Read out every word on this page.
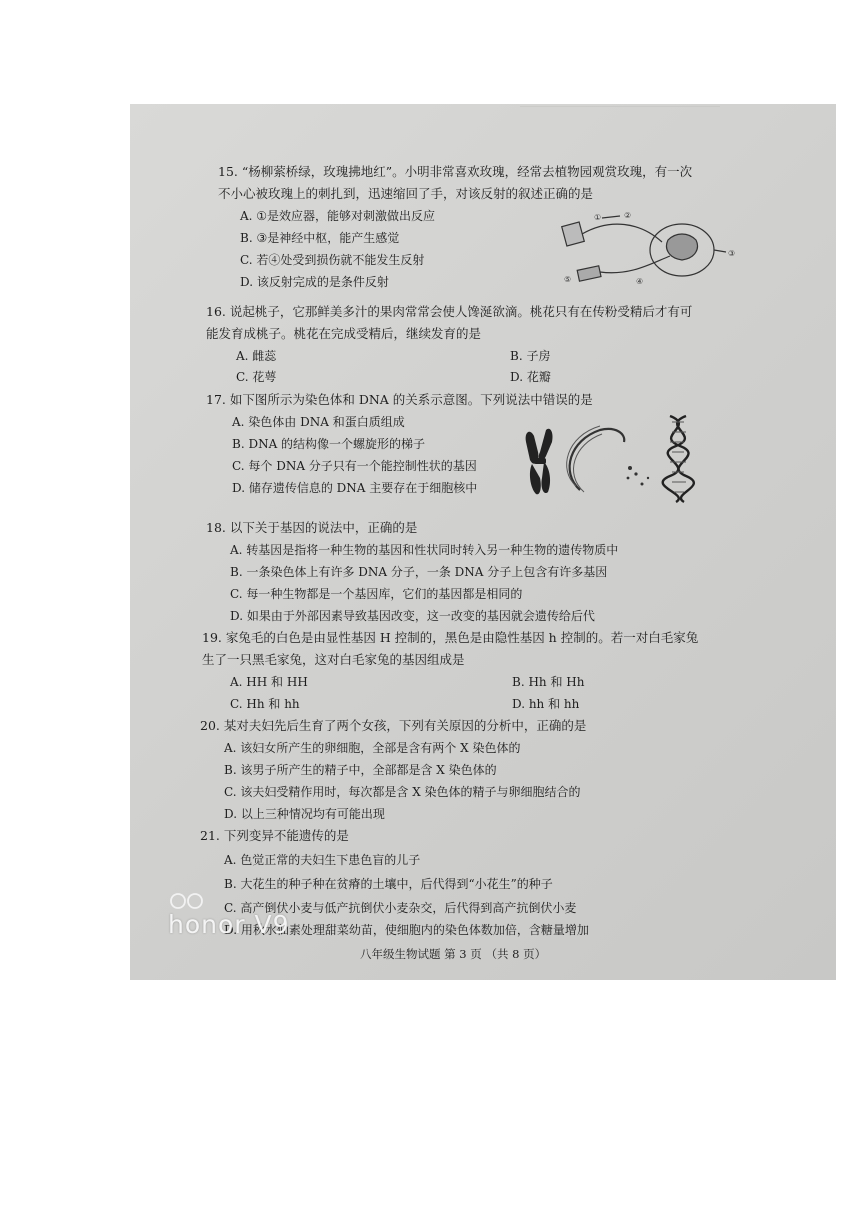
15. “杨柳萦桥绿，玫瑰拂地红”。小明非常喜欢玫瑰，经常去植物园观赏玫瑰，有一次
不小心被玫瑰上的刺扎到，迅速缩回了手，对该反射的叙述正确的是
A. ①是效应器，能够对刺激做出反应
B. ③是神经中枢，能产生感觉
C. 若④处受到损伤就不能发生反射
D. 该反射完成的是条件反射
①	②
③
④
⑤
16. 说起桃子，它那鲜美多汁的果肉常常会使人馋涎欲滴。桃花只有在传粉受精后才有可
能发育成桃子。桃花在完成受精后，继续发育的是
A. 雌蕊	B. 子房
C. 花萼	D. 花瓣
17. 如下图所示为染色体和 DNA 的关系示意图。下列说法中错误的是
A. 染色体由 DNA 和蛋白质组成
B. DNA 的结构像一个螺旋形的梯子
C. 每个 DNA 分子只有一个能控制性状的基因
D. 储存遗传信息的 DNA 主要存在于细胞核中
18. 以下关于基因的说法中，正确的是
A. 转基因是指将一种生物的基因和性状同时转入另一种生物的遗传物质中
B. 一条染色体上有许多 DNA 分子，一条 DNA 分子上包含有许多基因
C. 每一种生物都是一个基因库，它们的基因都是相同的
D. 如果由于外部因素导致基因改变，这一改变的基因就会遗传给后代
19. 家兔毛的白色是由显性基因 H 控制的，黑色是由隐性基因 h 控制的。若一对白毛家兔
生了一只黑毛家兔，这对白毛家兔的基因组成是
A. HH 和 HH	B. Hh 和 Hh
C. Hh 和 hh	D. hh 和 hh
20. 某对夫妇先后生育了两个女孩，下列有关原因的分析中，正确的是
A. 该妇女所产生的卵细胞，全部是含有两个 X 染色体的
B. 该男子所产生的精子中，全部都是含 X 染色体的
C. 该夫妇受精作用时，每次都是含 X 染色体的精子与卵细胞结合的
D. 以上三种情况均有可能出现
21. 下列变异不能遗传的是
A. 色觉正常的夫妇生下患色盲的儿子
B. 大花生的种子种在贫瘠的土壤中，后代得到“小花生”的种子
C. 高产倒伏小麦与低产抗倒伏小麦杂交，后代得到高产抗倒伏小麦
D. 用秋水仙素处理甜菜幼苗，使细胞内的染色体数加倍，含糖量增加
八年级生物试题 第 3 页 （共 8 页）
honor V9
